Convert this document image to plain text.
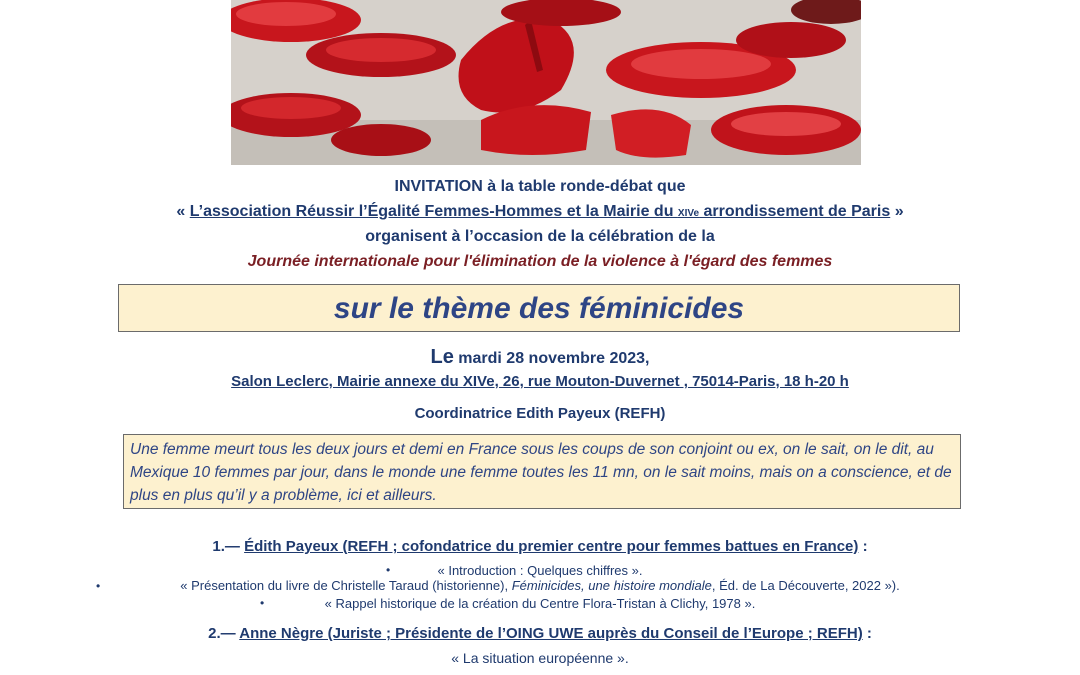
INVITATION à la table ronde-débat que
« L’association Réussir l’Égalité Femmes-Hommes et la Mairie du XIVe arrondissement de Paris »
organisent à l’occasion de la célébration de la
Journée internationale pour l'élimination de la violence à l'égard des femmes
sur le thème des féminicides
Le mardi 28 novembre 2023,
Salon Leclerc, Mairie annexe du XIVe, 26, rue Mouton-Duvernet , 75014-Paris, 18 h-20 h
Coordinatrice Edith Payeux (REFH)
Une femme meurt tous les deux jours et demi en France sous les coups de son conjoint ou ex, on le sait, on le dit, au Mexique 10 femmes par jour, dans le monde une femme toutes les 11 mn, on le sait moins, mais on a conscience, et de plus en plus qu’il y a problème, ici et ailleurs.
1.— Édith Payeux (REFH ; cofondatrice du premier centre pour femmes battues en France) :
•	« Introduction : Quelques chiffres ».
•	« Présentation du livre de Christelle Taraud (historienne), Féminicides, une histoire mondiale, Éd. de La Découverte, 2022 »).
•	« Rappel historique de la création du Centre Flora-Tristan à Clichy, 1978 ».
2.— Anne Nègre (Juriste ; Présidente de l’OING UWE auprès du Conseil de l’Europe ; REFH) :
« La situation européenne ».
